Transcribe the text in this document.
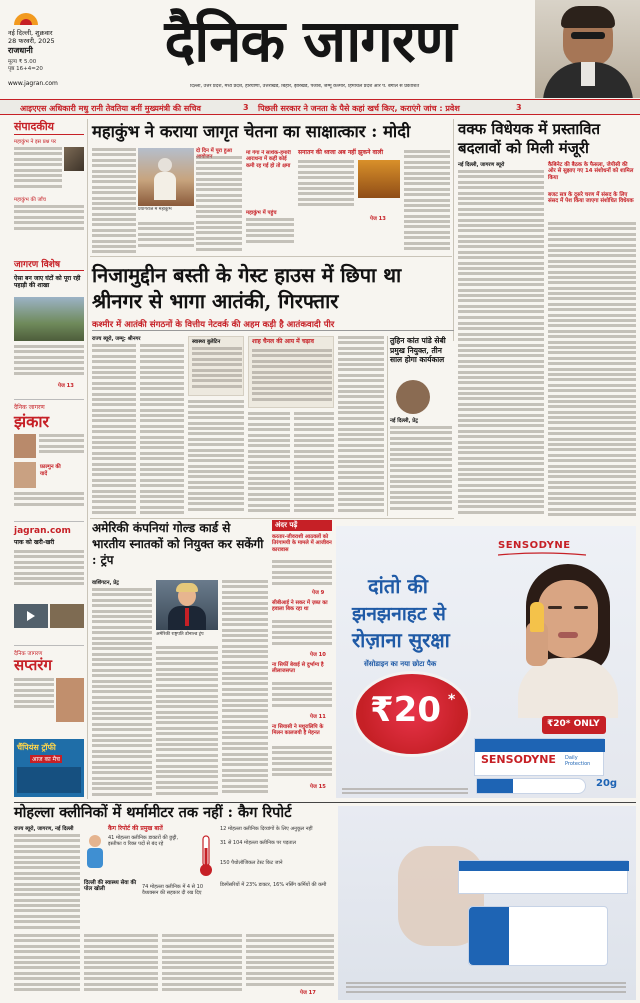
नई दिल्ली, शुक्रवार
28 फरवरी, 2025
राजधानी
मूल्य ₹ 5.00
पृष्ठ 16+4=20
www.jagran.com
दैनिक जागरण
दिल्ली, उत्तर प्रदेश, मध्य प्रदेश, हरियाणा, उत्तराखंड, बिहार, झारखंड, पंजाब, जम्मू कश्मीर, हिमाचल प्रदेश और प. बंगाल से प्रकाशित
आइएएस अधिकारी मधु रानी तेवतिया बनीं मुख्यमंत्री की सचिव	3 पिछली सरकार ने जनता के पैसे कहां खर्च किए, कराएंगे जांच : प्रवेश	3
संपादकीय
महाकुंभ ने इस प्रश्न पर
महाकुंभ की जाँच
जागरण विशेष
ऐसा बन जाए घंटों को पूरा रही पहाड़ी की शाखा
पेज 13
दैनिक जागरण
झंकार
फ़ाल्गुन की
यादें
jagran.com
पाक को खरी-खरी
दैनिक जागरण
सप्तरंग
चैंपियंस ट्रॉफी
आज का मैच
महाकुंभ ने कराया जागृत चेतना का साक्षात्कार : मोदी
प्रयागराज में महाकुंभ
दो दिन में पूरा हुआ	मां गंगा ने सार्थक-हमारी आराधना में कहीं कोई कमी रह गई हो तो क्षमा
महाकुंभ में पहुंच
सनातन की ध्वजा अब नहीं झुकने वाली
पेज 13
वक्फ विधेयक में प्रस्तावित बदलावों को मिली मंजूरी
कैबिनेट की बैठक के फैसला, जेपीसी की ओर से सुझाए गए 14 संशोधनों को शामिल किया
बजट सत्र के दूसरे चरण में संसद के लिए संसद में पेश किया जाएगा संशोधित विधेयक
नई दिल्ली, जागरण ब्यूरो
निजामुद्दीन बस्ती के गेस्ट हाउस में छिपा था श्रीनगर से भागा आतंकी, गिरफ्तार
कश्मीर में आतंकी संगठनों के वित्तीय नेटवर्क की अहम कड़ी है आतंकवादी पीर
राज्य ब्यूरो, जम्मू: श्रीनगर	स्वास्थ्य बुलेटिन	शाह चैनल की आय में चढ़ाव	तुहिन कांत पांडे सेबी प्रमुख नियुक्त, तीन साल होगा कार्यकाल
नई दिल्ली, प्रेट्र
अमेरिकी कंपनियां गोल्ड कार्ड से भारतीय स्नातकों को नियुक्त कर सकेंगी : ट्रंप
वाशिंगटन, प्रेट्र
अमेरिकी राष्ट्रपति डोनाल्ड ट्रंप
अंदर पढ़ें
करतार-जीवराशी आठवलों को तिरंगामयी के मामले में आजीवन कारावास
पेज 9
सीबीआई ने सकर में ज़ब्त का हवाला बिक रहा था
पेज 10
ना सिर्फी बेवाई से दुर्भाग्य है लीलाजसप्ता
पेज 11
ना सियासी ने मथुरालिपि के मिलन कालजयी है मेहनत
पेज 15
SENSODYNE
दांतो की
झनझनाहट से
रोज़ाना सुरक्षा
सेंसोडाइन का नया छोटा पैक
₹20 *
₹20* ONLY
SENSODYNE Daily Protection
20g
मोहल्ला क्लीनिकों में थर्मामीटर तक नहीं : कैग रिपोर्ट
राज्य ब्यूरो, जागरण, नई दिल्ली	कैग रिपोर्ट की प्रमुख बातें
41 मोहल्ला क्लीनिक डाक्टरों की छुट्टी, इस्तीफा व रिक्त पदों से बंद रहे
दिल्ली की स्वास्थ्य सेवा की पोल खोली	74 मोहल्ला क्लीनिक में 4 से 10 वैध्यक्सन की सहकार दी रख दिए
12 मोहल्ला क्लीनिक दिव्यांगों के लिए अनुकूल नहीं
31 से 104 मोहल्ला क्लीनिक पर पड़ताल
150 पैथोलॉजिकल टेस्ट किट जाने
डिस्पेंसरियों में 23% डाक्टर, 16% नर्सिंग कर्मियों की कमी
पेज 17
